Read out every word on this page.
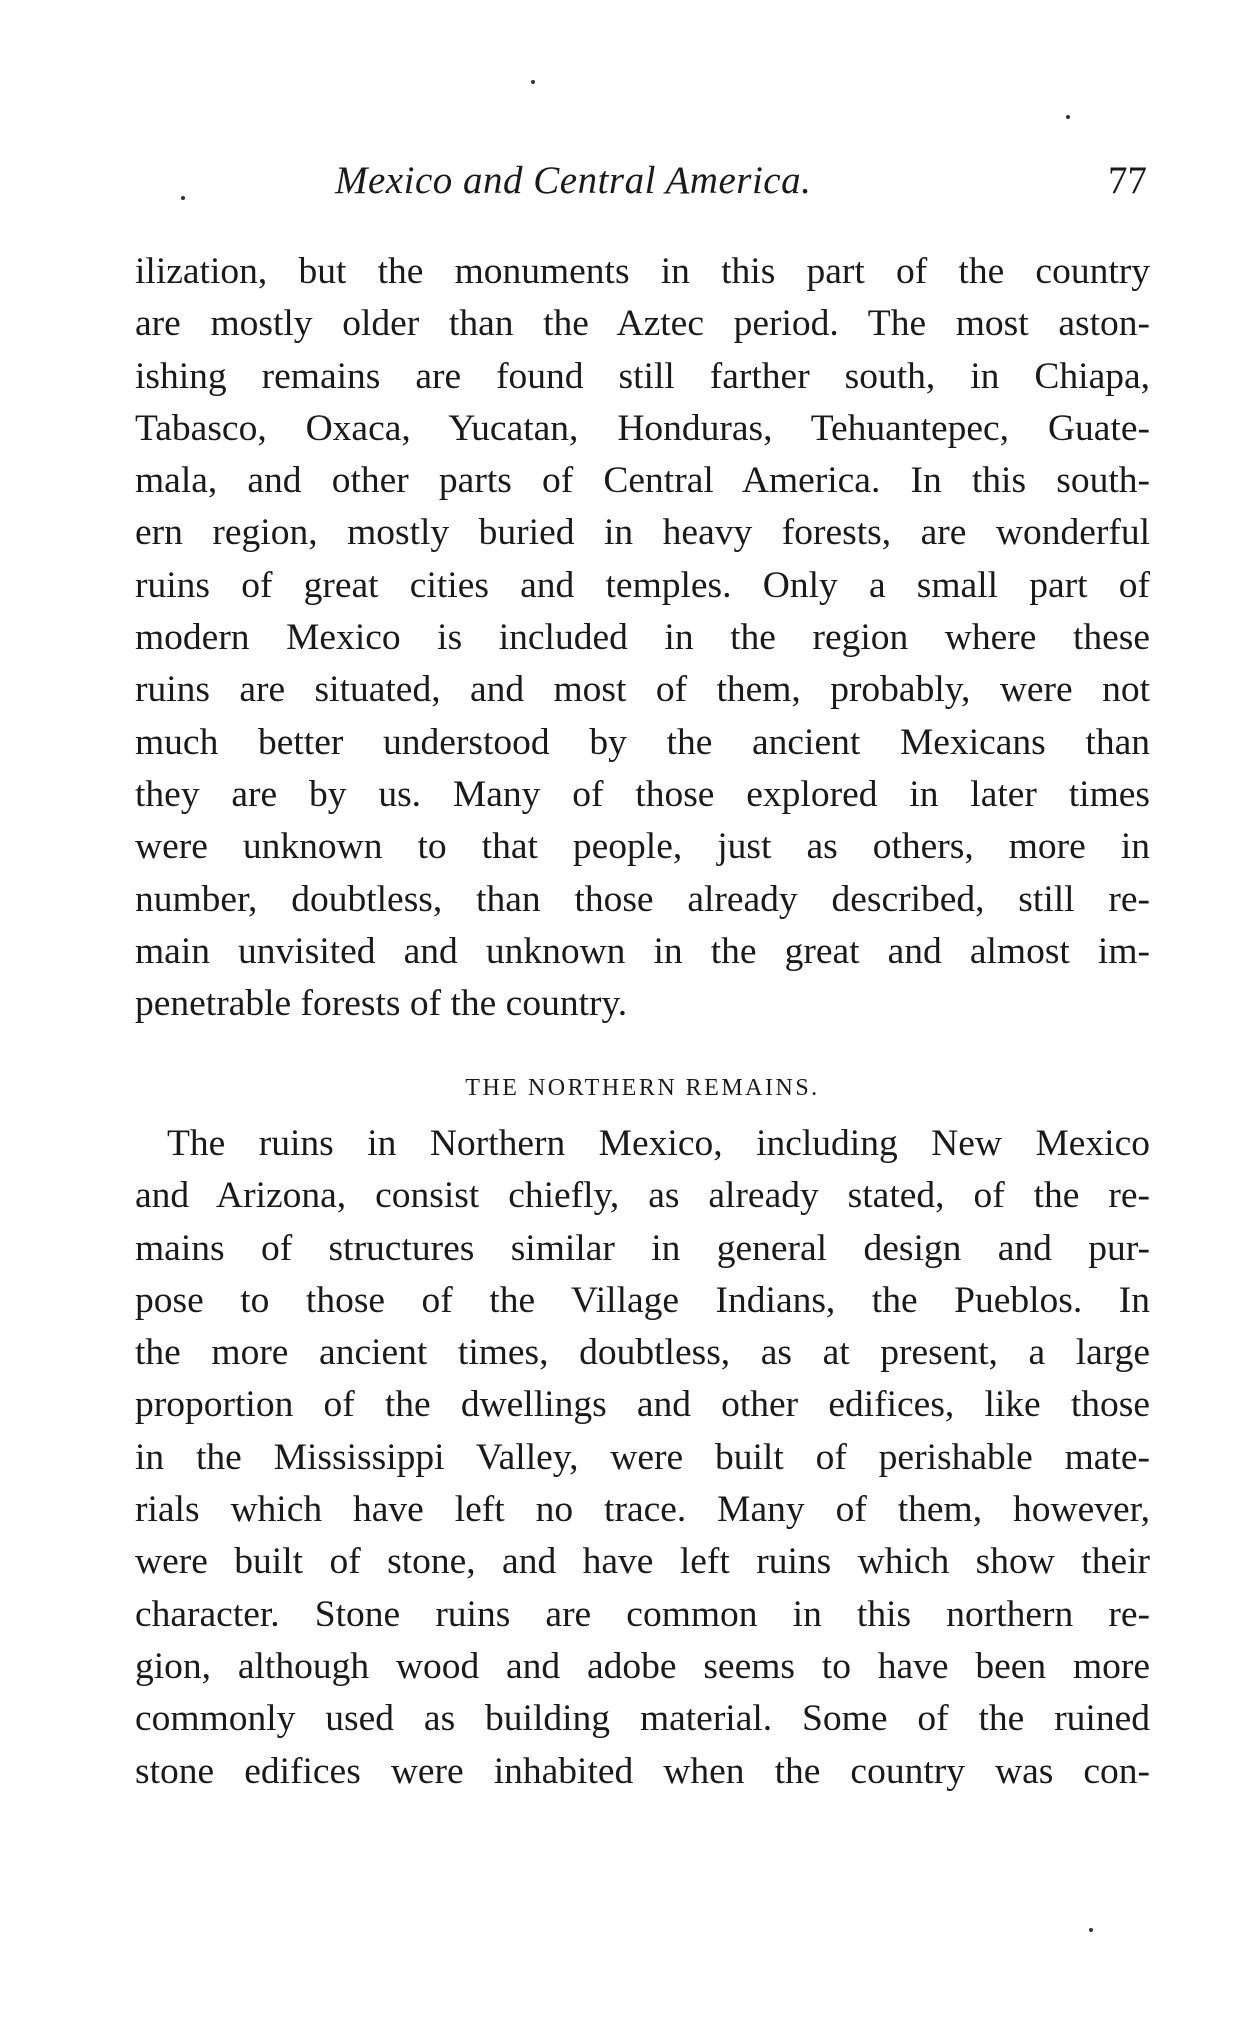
Mexico and Central America.	77
ilization, but the monuments in this part of the country
are mostly older than the Aztec period. The most aston-
ishing remains are found still farther south, in Chiapa,
Tabasco, Oxaca, Yucatan, Honduras, Tehuantepec, Guate-
mala, and other parts of Central America. In this south-
ern region, mostly buried in heavy forests, are wonderful
ruins of great cities and temples. Only a small part of
modern Mexico is included in the region where these
ruins are situated, and most of them, probably, were not
much better understood by the ancient Mexicans than
they are by us. Many of those explored in later times
were unknown to that people, just as others, more in
number, doubtless, than those already described, still re-
main unvisited and unknown in the great and almost im-
penetrable forests of the country.
THE NORTHERN REMAINS.
The ruins in Northern Mexico, including New Mexico
and Arizona, consist chiefly, as already stated, of the re-
mains of structures similar in general design and pur-
pose to those of the Village Indians, the Pueblos. In
the more ancient times, doubtless, as at present, a large
proportion of the dwellings and other edifices, like those
in the Mississippi Valley, were built of perishable mate-
rials which have left no trace. Many of them, however,
were built of stone, and have left ruins which show their
character. Stone ruins are common in this northern re-
gion, although wood and adobe seems to have been more
commonly used as building material. Some of the ruined
stone edifices were inhabited when the country was con-
